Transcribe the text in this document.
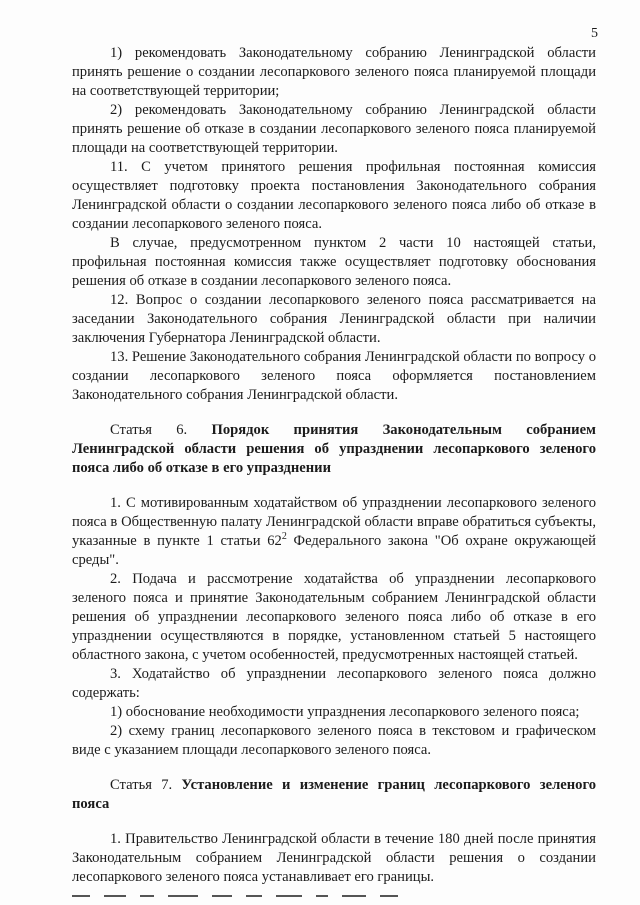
5

1) рекомендовать Законодательному собранию Ленинградской области принять решение о создании лесопаркового зеленого пояса планируемой площади на соответствующей территории;

2) рекомендовать Законодательному собранию Ленинградской области принять решение об отказе в создании лесопаркового зеленого пояса планируемой площади на соответствующей территории.

11. С учетом принятого решения профильная постоянная комиссия осуществляет подготовку проекта постановления Законодательного собрания Ленинградской области о создании лесопаркового зеленого пояса либо об отказе в создании лесопаркового зеленого пояса.

В случае, предусмотренном пунктом 2 части 10 настоящей статьи, профильная постоянная комиссия также осуществляет подготовку обоснования решения об отказе в создании лесопаркового зеленого пояса.

12. Вопрос о создании лесопаркового зеленого пояса рассматривается на заседании Законодательного собрания Ленинградской области при наличии заключения Губернатора Ленинградской области.

13. Решение Законодательного собрания Ленинградской области по вопросу о создании лесопаркового зеленого пояса оформляется постановлением Законодательного собрания Ленинградской области.

Статья 6. Порядок принятия Законодательным собранием Ленинградской области решения об упразднении лесопаркового зеленого пояса либо об отказе в его упразднении

1. С мотивированным ходатайством об упразднении лесопаркового зеленого пояса в Общественную палату Ленинградской области вправе обратиться субъекты, указанные в пункте 1 статьи $62^2$ Федерального закона "Об охране окружающей среды".

2. Подача и рассмотрение ходатайства об упразднении лесопаркового зеленого пояса и принятие Законодательным собранием Ленинградской области решения об упразднении лесопаркового зеленого пояса либо об отказе в его упразднении осуществляются в порядке, установленном статьей 5 настоящего областного закона, с учетом особенностей, предусмотренных настоящей статьей.

3. Ходатайство об упразднении лесопаркового зеленого пояса должно содержать:

1) обоснование необходимости упразднения лесопаркового зеленого пояса;

2) схему границ лесопаркового зеленого пояса в текстовом и графическом виде с указанием площади лесопаркового зеленого пояса.

Статья 7. Установление и изменение границ лесопаркового зеленого пояса

1. Правительство Ленинградской области в течение 180 дней после принятия Законодательным собранием Ленинградской области решения о создании лесопаркового зеленого пояса устанавливает его границы.
